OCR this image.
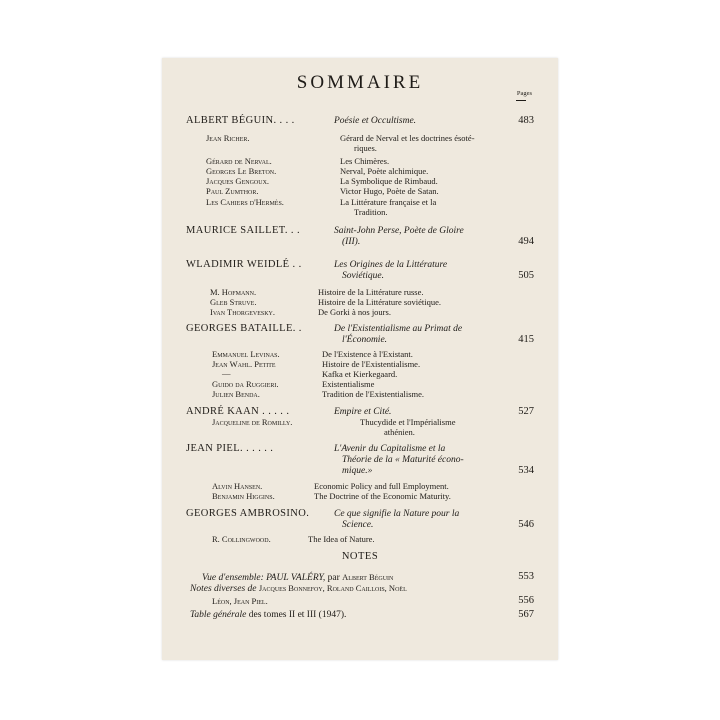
SOMMAIRE
Pages
ALBERT BÉGUIN. . . .	Poésie et Occultisme.	483
Jean Richer.	Gérard de Nerval et les doctrines ésoté-
riques.
Gérard de Nerval.	Les Chimères.
Georges Le Breton.	Nerval, Poète alchimique.
Jacques Gengoux.	La Symbolique de Rimbaud.
Paul Zumthor.	Victor Hugo, Poète de Satan.
Les Cahiers d'Hermès.	La Littérature française et la
Tradition.
MAURICE SAILLET. . .	Saint-John Perse, Poète de Gloire
(III).	494
WLADIMIR WEIDLÉ . .	Les Origines de la Littérature
Soviétique.	505
M. Hofmann.	Histoire de la Littérature russe.
Gleb Struve.	Histoire de la Littérature soviétique.
Ivan Thorgevesky.	De Gorki à nos jours.
GEORGES BATAILLE. .	De l'Existentialisme au Primat de
l'Économie.	415
Emmanuel Levinas.	De l'Existence à l'Existant.
Jean Wahl. Petite	Histoire de l'Existentialisme.
—	Kafka et Kierkegaard.
Guido da Ruggieri.	Existentialisme
Julien Benda.	Tradition de l'Existentialisme.
ANDRÉ KAAN . . . . .	Empire et Cité.	527
Jacqueline de Romilly.	Thucydide et l'Impérialisme
athénien.
JEAN PIEL. . . . . .	L'Avenir du Capitalisme et la
Théorie de la « Maturité écono-
mique.»	534
Alvin Hansen.	Economic Policy and full Employment.
Benjamin Higgins.	The Doctrine of the Economic Maturity.
GEORGES AMBROSINO.	Ce que signifie la Nature pour la
Science.	546
R. Collingwood.	The Idea of Nature.
NOTES
Vue d'ensemble: PAUL VALÉRY, par Albert Béguin	553
Notes diverses de Jacques Bonnefoy, Roland Caillois, Noël
Léon, Jean Piel.	556
Table générale des tomes II et III (1947).	567
